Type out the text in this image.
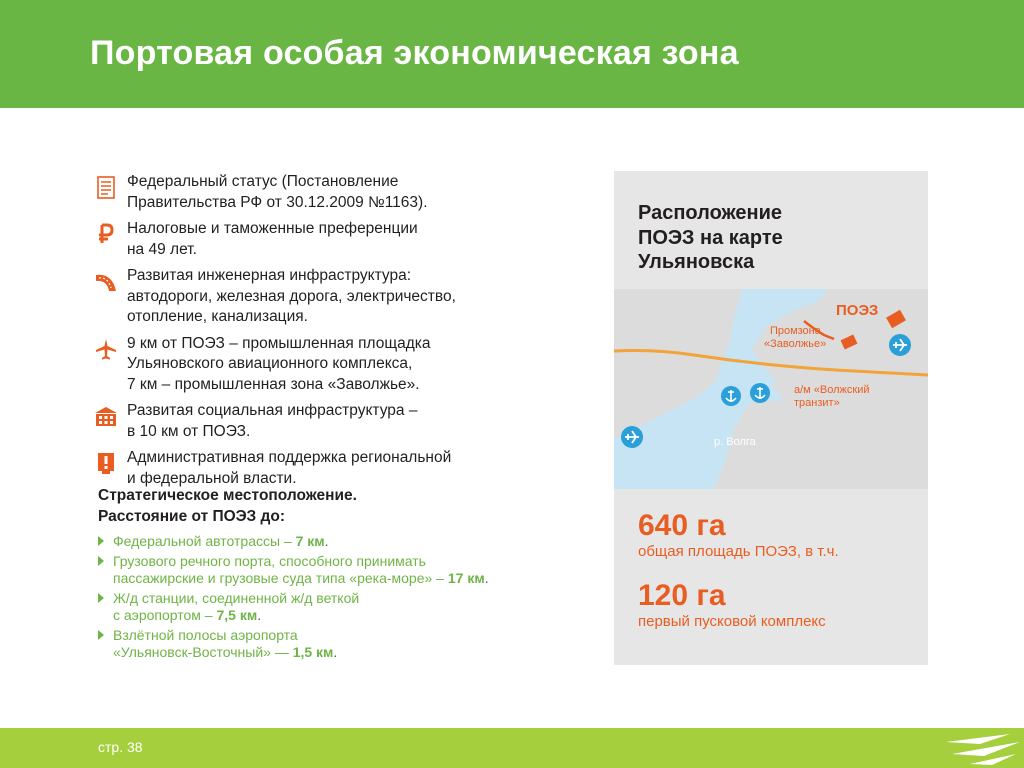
Портовая особая экономическая зона
Федеральный статус (Постановление
Правительства РФ от 30.12.2009 №1163).
Налоговые и таможенные преференции
на 49 лет.
Развитая инженерная инфраструктура:
автодороги, железная дорога, электричество,
отопление, канализация.
9 км от ПОЭЗ – промышленная площадка
Ульяновского авиационного комплекса,
7 км – промышленная зона «Заволжье».
Развитая социальная инфраструктура –
в 10 км от ПОЭЗ.
Административная поддержка региональной
и федеральной власти.
Стратегическое местоположение.
Расстояние от ПОЭЗ до:
Федеральной автотрассы – 7 км.
Грузового речного порта, способного принимать
пассажирские и грузовые суда типа «река-море» – 17 км.
Ж/д станции, соединенной ж/д веткой
с аэропортом – 7,5 км.
Взлётной полосы аэропорта
«Ульяновск-Восточный» — 1,5 км.
Расположение
ПОЭЗ на карте
Ульяновска
ПОЭЗ
Промзона
«Заволжье»
а/м «Волжский
транзит»
р. Волга
640 га
общая площадь ПОЭЗ, в т.ч.
120 га
первый пусковой комплекс
стр. 38
